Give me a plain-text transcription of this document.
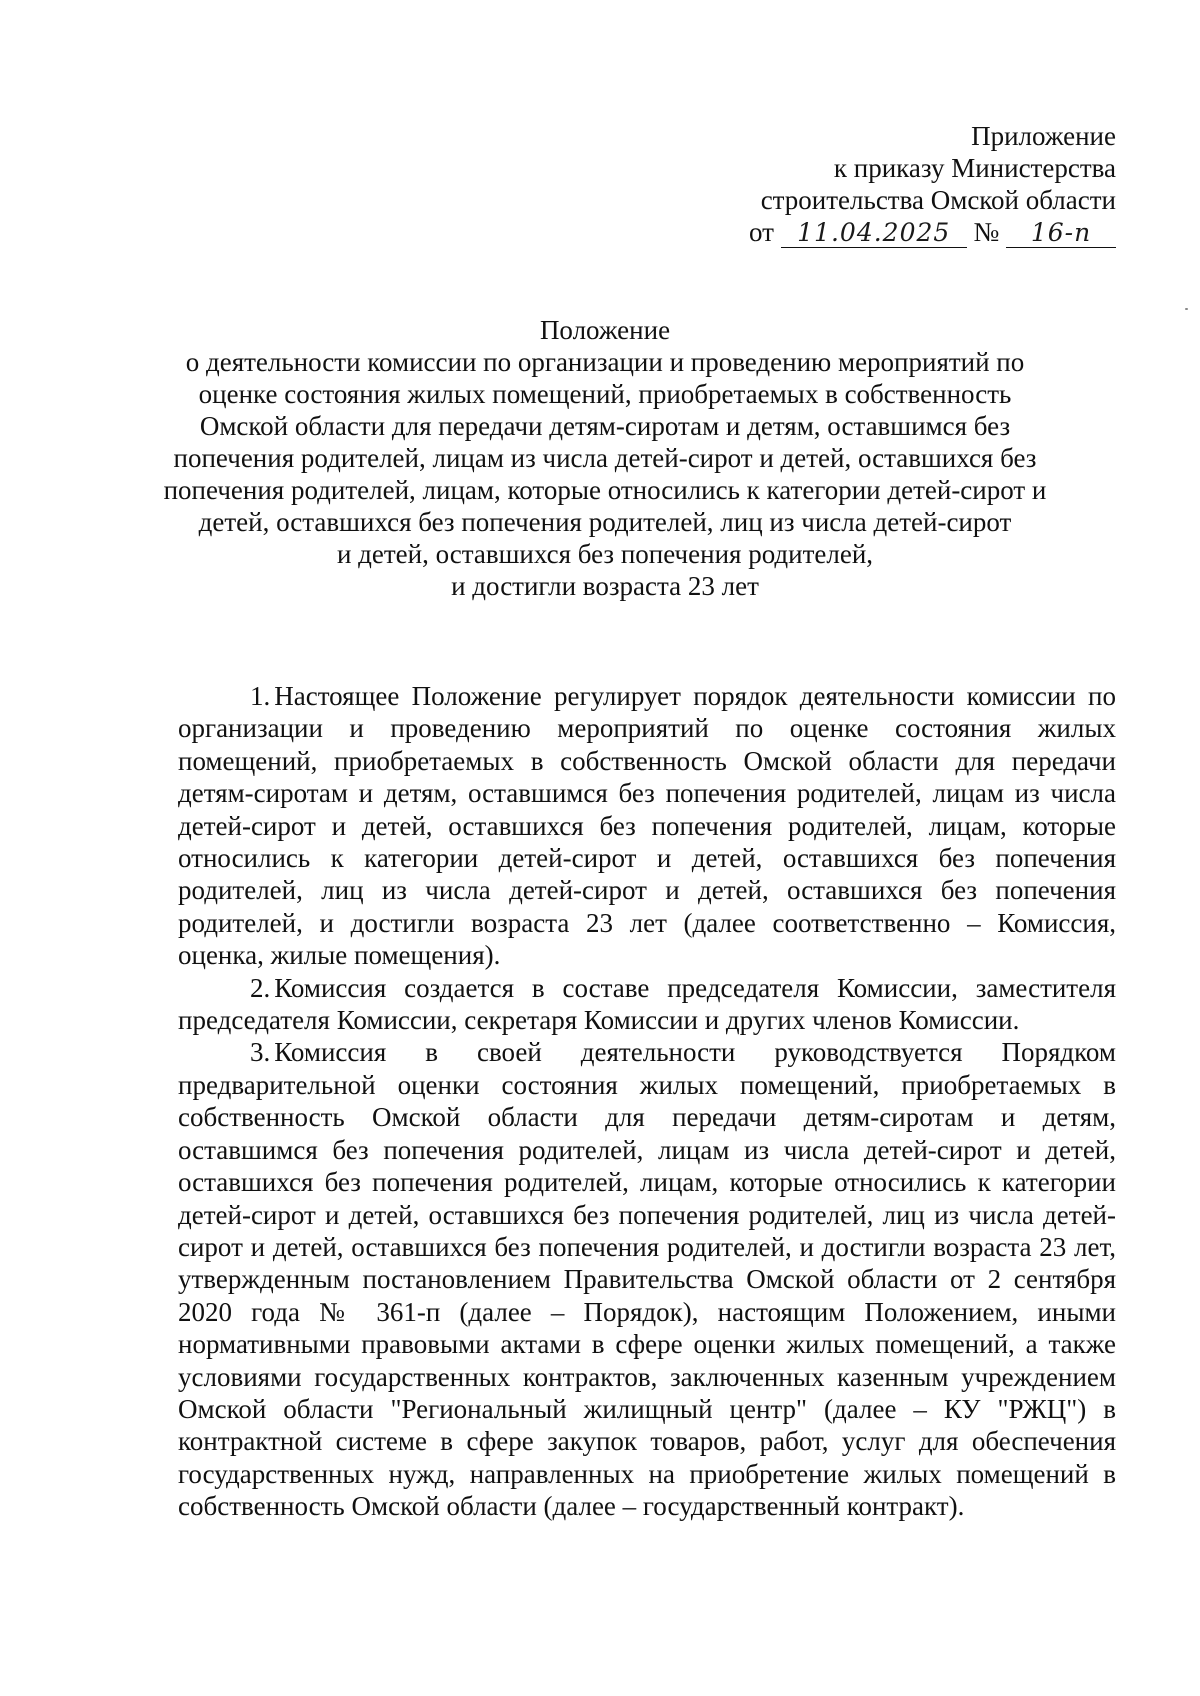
Приложение
к приказу Министерства
строительства Омской области
от 11.04.2025 № 16-п
Положение
о деятельности комиссии по организации и проведению мероприятий по
оценке состояния жилых помещений, приобретаемых в собственность
Омской области для передачи детям-сиротам и детям, оставшимся без
попечения родителей, лицам из числа детей-сирот и детей, оставшихся без
попечения родителей, лицам, которые относились к категории детей-сирот и
детей, оставшихся без попечения родителей, лиц из числа детей-сирот
и детей, оставшихся без попечения родителей,
и достигли возраста 23 лет

1. Настоящее Положение регулирует порядок деятельности комиссии по организации и проведению мероприятий по оценке состояния жилых помещений, приобретаемых в собственность Омской области для передачи детям-сиротам и детям, оставшимся без попечения родителей, лицам из числа детей-сирот и детей, оставшихся без попечения родителей, лицам, которые относились к категории детей-сирот и детей, оставшихся без попечения родителей, лиц из числа детей-сирот и детей, оставшихся без попечения родителей, и достигли возраста 23 лет (далее соответственно – Комиссия, оценка, жилые помещения).

2. Комиссия создается в составе председателя Комиссии, заместителя председателя Комиссии, секретаря Комиссии и других членов Комиссии.

3. Комиссия в своей деятельности руководствуется Порядком предварительной оценки состояния жилых помещений, приобретаемых в собственность Омской области для передачи детям-сиротам и детям, оставшимся без попечения родителей, лицам из числа детей-сирот и детей, оставшихся без попечения родителей, лицам, которые относились к категории детей-сирот и детей, оставшихся без попечения родителей, лиц из числа детей-сирот и детей, оставшихся без попечения родителей, и достигли возраста 23 лет, утвержденным постановлением Правительства Омской области от 2 сентября 2020 года № 361-п (далее – Порядок), настоящим Положением, иными нормативными правовыми актами в сфере оценки жилых помещений, а также условиями государственных контрактов, заключенных казенным учреждением Омской области "Региональный жилищный центр" (далее – КУ "РЖЦ") в контрактной системе в сфере закупок товаров, работ, услуг для обеспечения государственных нужд, направленных на приобретение жилых помещений в собственность Омской области (далее – государственный контракт).
